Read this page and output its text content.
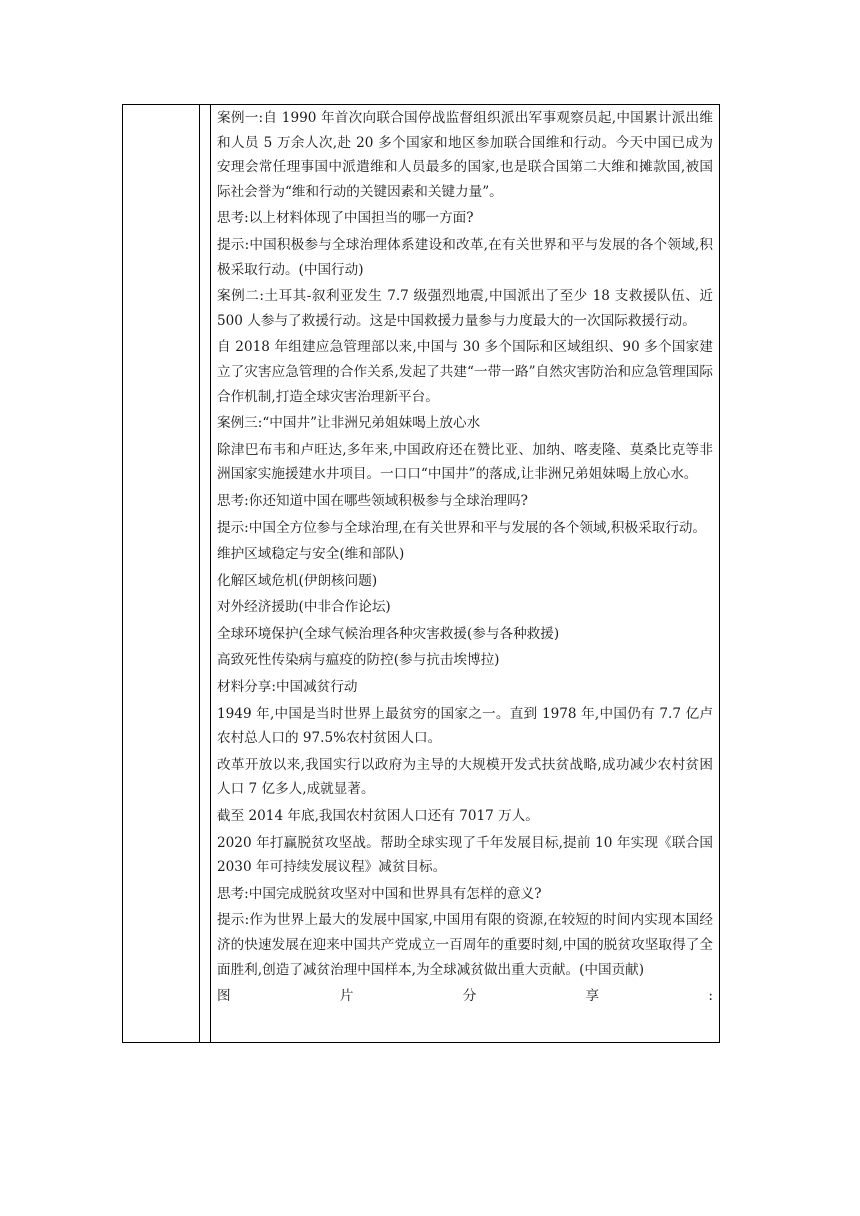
案例一:自 1990 年首次向联合国停战监督组织派出军事观察员起,中国累计派出维和人员 5 万余人次,赴 20 多个国家和地区参加联合国维和行动。今天中国已成为安理会常任理事国中派遣维和人员最多的国家,也是联合国第二大维和摊款国,被国际社会誉为“维和行动的关键因素和关键力量”。

思考:以上材料体现了中国担当的哪一方面?

提示:中国积极参与全球治理体系建设和改革,在有关世界和平与发展的各个领域,积极采取行动。(中国行动)

案例二:土耳其-叙利亚发生 7.7 级强烈地震,中国派出了至少 18 支救援队伍、近 500 人参与了救援行动。这是中国救援力量参与力度最大的一次国际救援行动。

自 2018 年组建应急管理部以来,中国与 30 多个国际和区域组织、90 多个国家建立了灾害应急管理的合作关系,发起了共建“一带一路”自然灾害防治和应急管理国际合作机制,打造全球灾害治理新平台。

案例三:“中国井”让非洲兄弟姐妹喝上放心水

除津巴布韦和卢旺达,多年来,中国政府还在赞比亚、加纳、喀麦隆、莫桑比克等非洲国家实施援建水井项目。一口口“中国井”的落成,让非洲兄弟姐妹喝上放心水。

思考:你还知道中国在哪些领域积极参与全球治理吗?

提示:中国全方位参与全球治理,在有关世界和平与发展的各个领域,积极采取行动。

维护区域稳定与安全(维和部队)

化解区域危机(伊朗核问题)

对外经济援助(中非合作论坛)

全球环境保护(全球气候治理各种灾害救援(参与各种救援)

高致死性传染病与瘟疫的防控(参与抗击埃博拉)

材料分享:中国减贫行动

1949 年,中国是当时世界上最贫穷的国家之一。直到 1978 年,中国仍有 7.7 亿卢农村总人口的 97.5%农村贫困人口。

改革开放以来,我国实行以政府为主导的大规模开发式扶贫战略,成功减少农村贫困人口 7 亿多人,成就显著。

截至 2014 年底,我国农村贫困人口还有 7017 万人。

2020 年打赢脱贫攻坚战。帮助全球实现了千年发展目标,提前 10 年实现《联合国 2030 年可持续发展议程》减贫目标。

思考:中国完成脱贫攻坚对中国和世界具有怎样的意义?

提示:作为世界上最大的发展中国家,中国用有限的资源,在较短的时间内实现本国经济的快速发展在迎来中国共产党成立一百周年的重要时刻,中国的脱贫攻坚取得了全面胜利,创造了减贫治理中国样本,为全球减贫做出重大贡献。(中国贡献)

图	片	分	享	:
